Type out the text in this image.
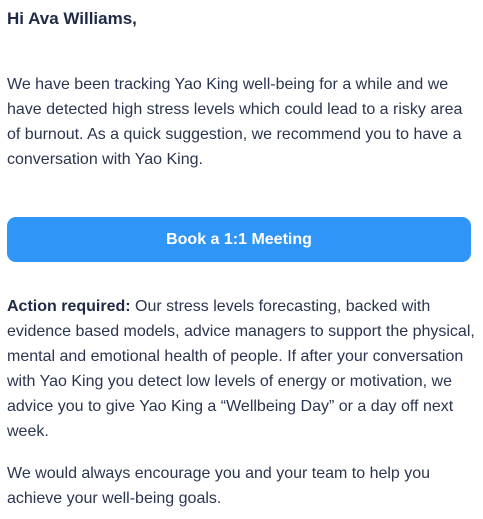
Hi Ava Williams,

We have been tracking Yao King well-being for a while and we have detected high stress levels which could lead to a risky area of burnout. As a quick suggestion, we recommend you to have a conversation with Yao King.

Book a 1:1 Meeting

Action required: Our stress levels forecasting, backed with evidence based models, advice managers to support the physical, mental and emotional health of people. If after your conversation with Yao King you detect low levels of energy or motivation, we advice you to give Yao King a “Wellbeing Day” or a day off next week.

We would always encourage you and your team to help you achieve your well-being goals.
